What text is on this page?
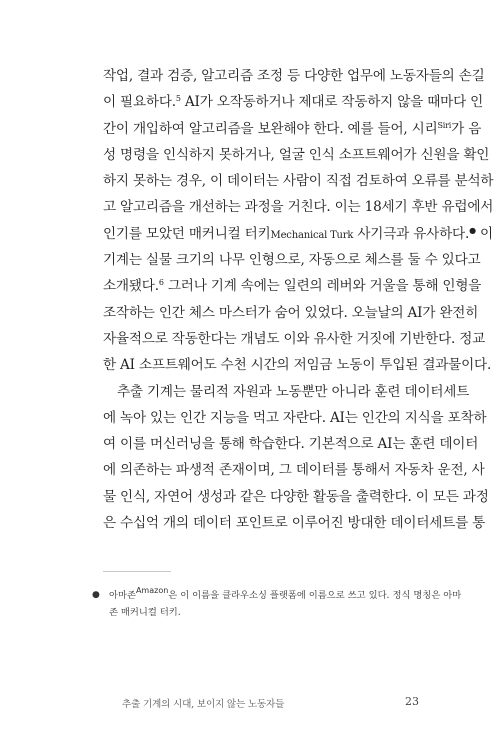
작업, 결과 검증, 알고리즘 조정 등 다양한 업무에 노동자들의 손길
이 필요하다.$^5$ AI가 오작동하거나 제대로 작동하지 않을 때마다 인
간이 개입하여 알고리즘을 보완해야 한다. 예를 들어, 시리$^{Siri}$가 음
성 명령을 인식하지 못하거나, 얼굴 인식 소프트웨어가 신원을 확인
하지 못하는 경우, 이 데이터는 사람이 직접 검토하여 오류를 분석하
고 알고리즘을 개선하는 과정을 거친다. 이는 18세기 후반 유럽에서
인기를 모았던 매커니컬 터키Mechanical Turk 사기극과 유사하다.● 이
기계는 실물 크기의 나무 인형으로, 자동으로 체스를 둘 수 있다고
소개됐다.$^6$ 그러나 기계 속에는 일련의 레버와 거울을 통해 인형을
조작하는 인간 체스 마스터가 숨어 있었다. 오늘날의 AI가 완전히
자율적으로 작동한다는 개념도 이와 유사한 거짓에 기반한다. 정교
한 AI 소프트웨어도 수천 시간의 저임금 노동이 투입된 결과물이다.
추출 기계는 물리적 자원과 노동뿐만 아니라 훈련 데이터세트
에 녹아 있는 인간 지능을 먹고 자란다. AI는 인간의 지식을 포착하
여 이를 머신러닝을 통해 학습한다. 기본적으로 AI는 훈련 데이터
에 의존하는 파생적 존재이며, 그 데이터를 통해서 자동차 운전, 사
물 인식, 자연어 생성과 같은 다양한 활동을 출력한다. 이 모든 과정
은 수십억 개의 데이터 포인트로 이루어진 방대한 데이터세트를 통
● 아마존Amazon은 이 이름을 클라우소싱 플랫폼에 이름으로 쓰고 있다. 정식 명칭은 아마
존 매커니컬 터키.
추출 기계의 시대, 보이지 않는 노동자들	23
